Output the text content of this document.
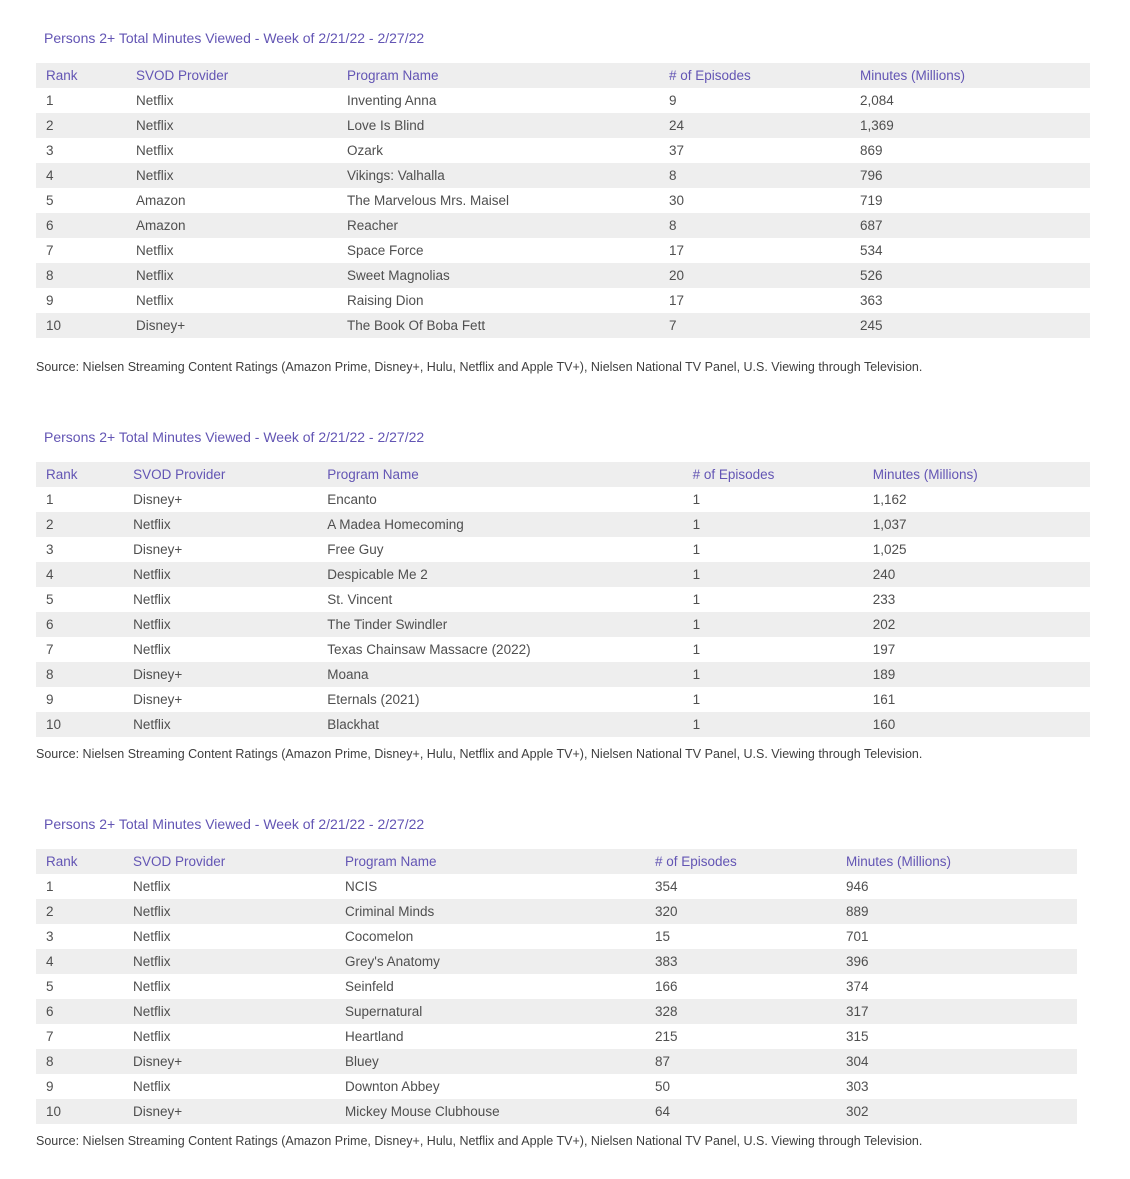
Persons 2+ Total Minutes Viewed - Week of 2/21/22 - 2/27/22
Rank	SVOD Provider	Program Name	# of Episodes	Minutes (Millions)
1	Netflix	Inventing Anna	9	2,084
2	Netflix	Love Is Blind	24	1,369
3	Netflix	Ozark	37	869
4	Netflix	Vikings: Valhalla	8	796
5	Amazon	The Marvelous Mrs. Maisel	30	719
6	Amazon	Reacher	8	687
7	Netflix	Space Force	17	534
8	Netflix	Sweet Magnolias	20	526
9	Netflix	Raising Dion	17	363
10	Disney+	The Book Of Boba Fett	7	245

Source: Nielsen Streaming Content Ratings (Amazon Prime, Disney+, Hulu, Netflix and Apple TV+), Nielsen National TV Panel, U.S. Viewing through Television.

Persons 2+ Total Minutes Viewed - Week of 2/21/22 - 2/27/22
Rank	SVOD Provider	Program Name	# of Episodes	Minutes (Millions)
1	Disney+	Encanto	1	1,162
2	Netflix	A Madea Homecoming	1	1,037
3	Disney+	Free Guy	1	1,025
4	Netflix	Despicable Me 2	1	240
5	Netflix	St. Vincent	1	233
6	Netflix	The Tinder Swindler	1	202
7	Netflix	Texas Chainsaw Massacre (2022)	1	197
8	Disney+	Moana	1	189
9	Disney+	Eternals (2021)	1	161
10	Netflix	Blackhat	1	160

Source: Nielsen Streaming Content Ratings (Amazon Prime, Disney+, Hulu, Netflix and Apple TV+), Nielsen National TV Panel, U.S. Viewing through Television.

Persons 2+ Total Minutes Viewed - Week of 2/21/22 - 2/27/22
Rank	SVOD Provider	Program Name	# of Episodes	Minutes (Millions)
1	Netflix	NCIS	354	946
2	Netflix	Criminal Minds	320	889
3	Netflix	Cocomelon	15	701
4	Netflix	Grey's Anatomy	383	396
5	Netflix	Seinfeld	166	374
6	Netflix	Supernatural	328	317
7	Netflix	Heartland	215	315
8	Disney+	Bluey	87	304
9	Netflix	Downton Abbey	50	303
10	Disney+	Mickey Mouse Clubhouse	64	302

Source: Nielsen Streaming Content Ratings (Amazon Prime, Disney+, Hulu, Netflix and Apple TV+), Nielsen National TV Panel, U.S. Viewing through Television.
